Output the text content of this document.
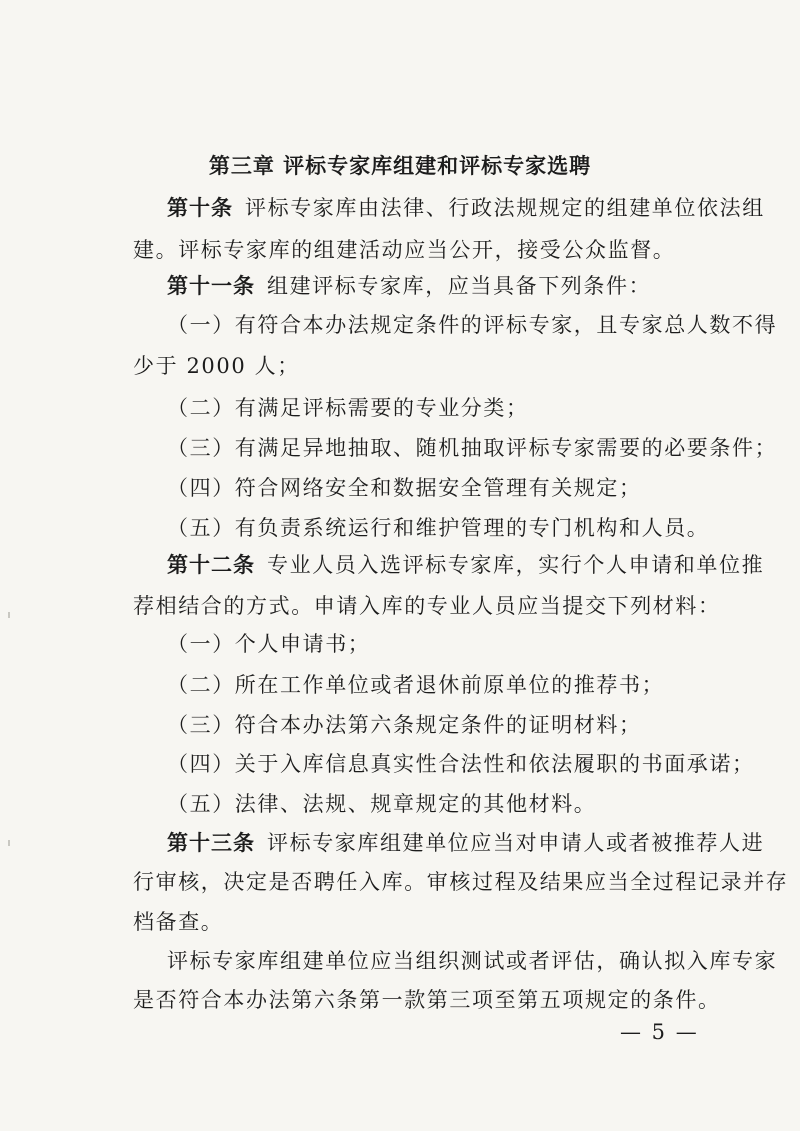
第三章 评标专家库组建和评标专家选聘
第十条 评标专家库由法律、行政法规规定的组建单位依法组
建。评标专家库的组建活动应当公开，接受公众监督。
第十一条 组建评标专家库，应当具备下列条件：
（一）有符合本办法规定条件的评标专家，且专家总人数不得
少于 2000 人；
（二）有满足评标需要的专业分类；
（三）有满足异地抽取、随机抽取评标专家需要的必要条件；
（四）符合网络安全和数据安全管理有关规定；
（五）有负责系统运行和维护管理的专门机构和人员。
第十二条 专业人员入选评标专家库，实行个人申请和单位推
荐相结合的方式。申请入库的专业人员应当提交下列材料：
（一）个人申请书；
（二）所在工作单位或者退休前原单位的推荐书；
（三）符合本办法第六条规定条件的证明材料；
（四）关于入库信息真实性合法性和依法履职的书面承诺；
（五）法律、法规、规章规定的其他材料。
第十三条 评标专家库组建单位应当对申请人或者被推荐人进
行审核，决定是否聘任入库。审核过程及结果应当全过程记录并存
档备查。
评标专家库组建单位应当组织测试或者评估，确认拟入库专家
是否符合本办法第六条第一款第三项至第五项规定的条件。
— 5 —
